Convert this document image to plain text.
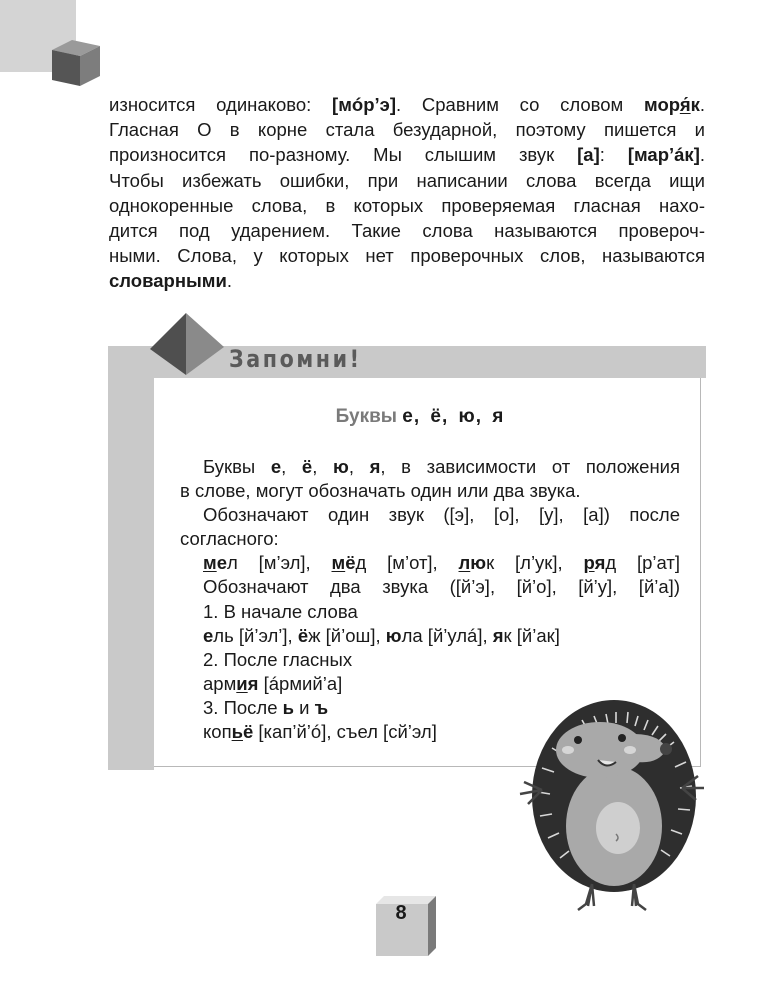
износится одинаково: [мóр’э]. Сравним со словом моря́к.
Гласная О в корне стала безударной, поэтому пишется и
произносится по-разному. Мы слышим звук [а]: [мар’áк].
Чтобы избежать ошибки, при написании слова всегда ищи
однокоренные слова, в которых проверяемая гласная нахо-
дится под ударением. Такие слова называются провероч-
ными. Слова, у которых нет проверочных слов, называются
словарными.

Запомни!
Буквы е, ё, ю, я

Буквы е, ё, ю, я, в зависимости от положения
в слове, могут обозначать один или два звука.
Обозначают один звук ([э], [о], [у], [а]) после
согласного:
мел [м’эл], мёд [м’от], люк [л’ук], ряд [р’ат]
Обозначают два звука ([й’э], [й’о], [й’у], [й’а])
1. В начале слова
ель [й’эл’], ёж [й’ош], юла [й’улá], як [й’ак]
2. После гласных
армия [áрмий’а]
3. После ь и ъ
копьё [кап’й’ó], съел [сй’эл]

8
